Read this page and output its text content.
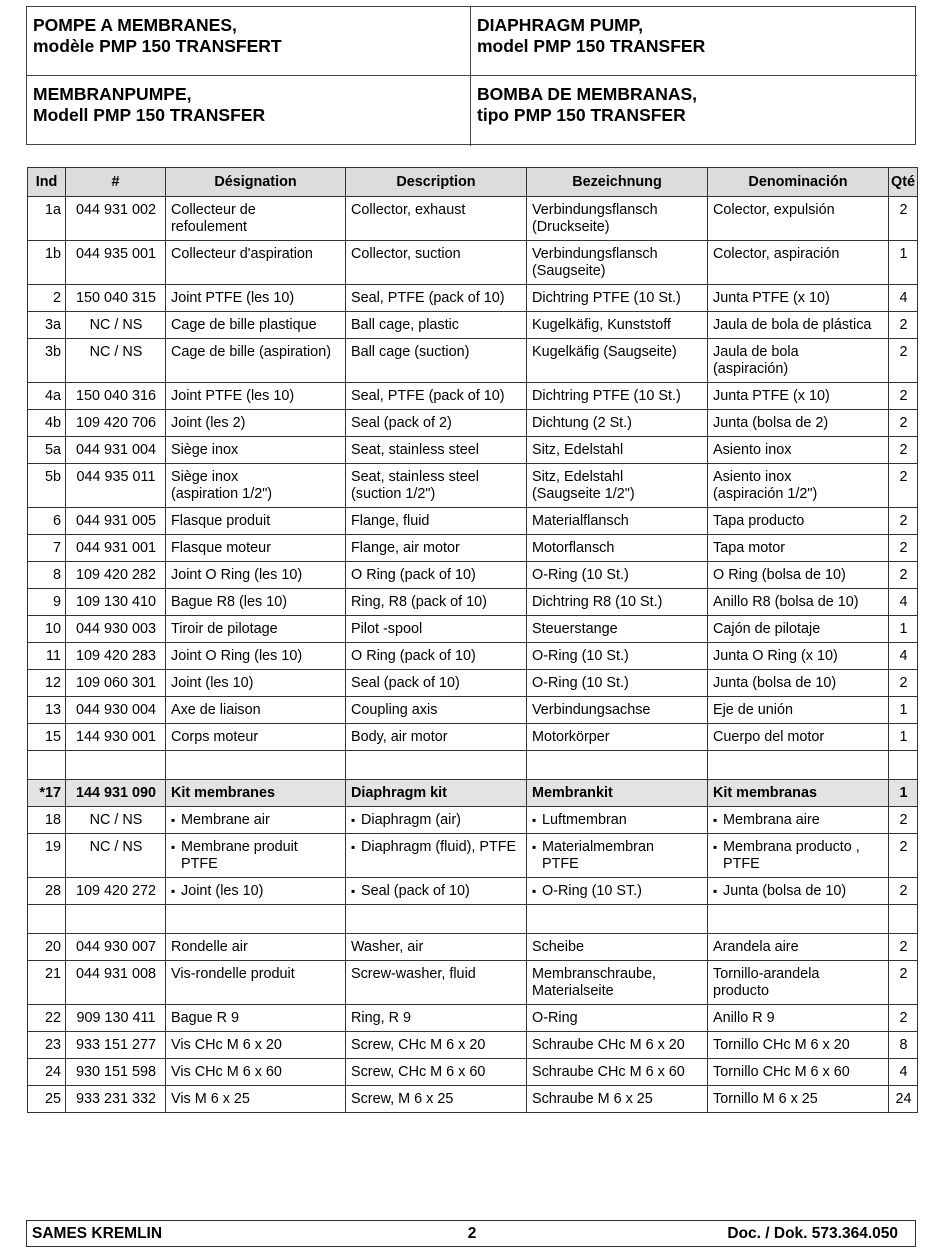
POMPE A MEMBRANES,
modèle PMP 150 TRANSFERT
DIAPHRAGM PUMP,
model PMP 150 TRANSFER
MEMBRANPUMPE,
Modell PMP 150 TRANSFER
BOMBA DE MEMBRANAS,
tipo PMP 150 TRANSFER
Ind	#	Désignation	Description	Bezeichnung	Denominación	Qté

1a	044 931 002	Collecteur de
refoulement	Collector, exhaust	Verbindungsflansch
(Druckseite)	Colector, expulsión	2

1b	044 935 001	Collecteur d'aspiration	Collector, suction	Verbindungsflansch
(Saugseite)	Colector, aspiración	1

2	150 040 315	Joint PTFE (les 10)	Seal, PTFE (pack of 10)	Dichtring PTFE (10 St.)	Junta PTFE (x 10)	4

3a	NC / NS	Cage de bille plastique	Ball cage, plastic	Kugelkäfig, Kunststoff	Jaula de bola de plástica	2

3b	NC / NS	Cage de bille (aspiration)	Ball cage (suction)	Kugelkäfig (Saugseite)	Jaula de bola
(aspiración)	2

4a	150 040 316	Joint PTFE (les 10)	Seal, PTFE (pack of 10)	Dichtring PTFE (10 St.)	Junta PTFE (x 10)	2

4b	109 420 706	Joint (les 2)	Seal (pack of 2)	Dichtung (2 St.)	Junta (bolsa de 2)	2

5a	044 931 004	Siège inox	Seat, stainless steel	Sitz, Edelstahl	Asiento inox	2

5b	044 935 011	Siège inox
(aspiration 1/2")	Seat, stainless steel
(suction 1/2")	Sitz, Edelstahl
(Saugseite 1/2")	Asiento inox
(aspiración 1/2")	2

6	044 931 005	Flasque produit	Flange, fluid	Materialflansch	Tapa producto	2

7	044 931 001	Flasque moteur	Flange, air motor	Motorflansch	Tapa motor	2

8	109 420 282	Joint O Ring (les 10)	O Ring (pack of 10)	O-Ring (10 St.)	O Ring (bolsa de 10)	2

9	109 130 410	Bague R8 (les 10)	Ring, R8 (pack of 10)	Dichtring R8 (10 St.)	Anillo R8 (bolsa de 10)	4

10	044 930 003	Tiroir de pilotage	Pilot -spool	Steuerstange	Cajón de pilotaje	1

11	109 420 283	Joint O Ring (les 10)	O Ring (pack of 10)	O-Ring (10 St.)	Junta O Ring (x 10)	4

12	109 060 301	Joint (les 10)	Seal (pack of 10)	O-Ring (10 St.)	Junta (bolsa de 10)	2

13	044 930 004	Axe de liaison	Coupling axis	Verbindungsachse	Eje de unión	1

15	144 930 001	Corps moteur	Body, air motor	Motorkörper	Cuerpo del motor	1

*17	144 931 090	Kit membranes	Diaphragm kit	Membrankit	Kit membranas	1

18	NC / NS	▪ Membrane air	▪ Diaphragm (air)	▪ Luftmembran	▪ Membrana aire	2

19	NC / NS	▪ Membrane produit
PTFE	▪ Diaphragm (fluid), PTFE	▪ Materialmembran
PTFE	▪ Membrana producto ,
PTFE	2

28	109 420 272	▪ Joint (les 10)	▪ Seal (pack of 10)	▪ O-Ring (10 ST.)	▪ Junta (bolsa de 10)	2

20	044 930 007	Rondelle air	Washer, air	Scheibe	Arandela aire	2

21	044 931 008	Vis-rondelle produit	Screw-washer, fluid	Membranschraube,
Materialseite	Tornillo-arandela
producto	2

22	909 130 411	Bague R 9	Ring, R 9	O-Ring	Anillo R 9	2

23	933 151 277	Vis CHc M 6 x 20	Screw, CHc M 6 x 20	Schraube CHc M 6 x 20	Tornillo CHc M 6 x 20	8

24	930 151 598	Vis CHc M 6 x 60	Screw, CHc M 6 x 60	Schraube CHc M 6 x 60	Tornillo CHc M 6 x 60	4

25	933 231 332	Vis M 6 x 25	Screw, M 6 x 25	Schraube M 6 x 25	Tornillo M 6 x 25	24
SAMES KREMLIN	2	Doc. / Dok. 573.364.050
